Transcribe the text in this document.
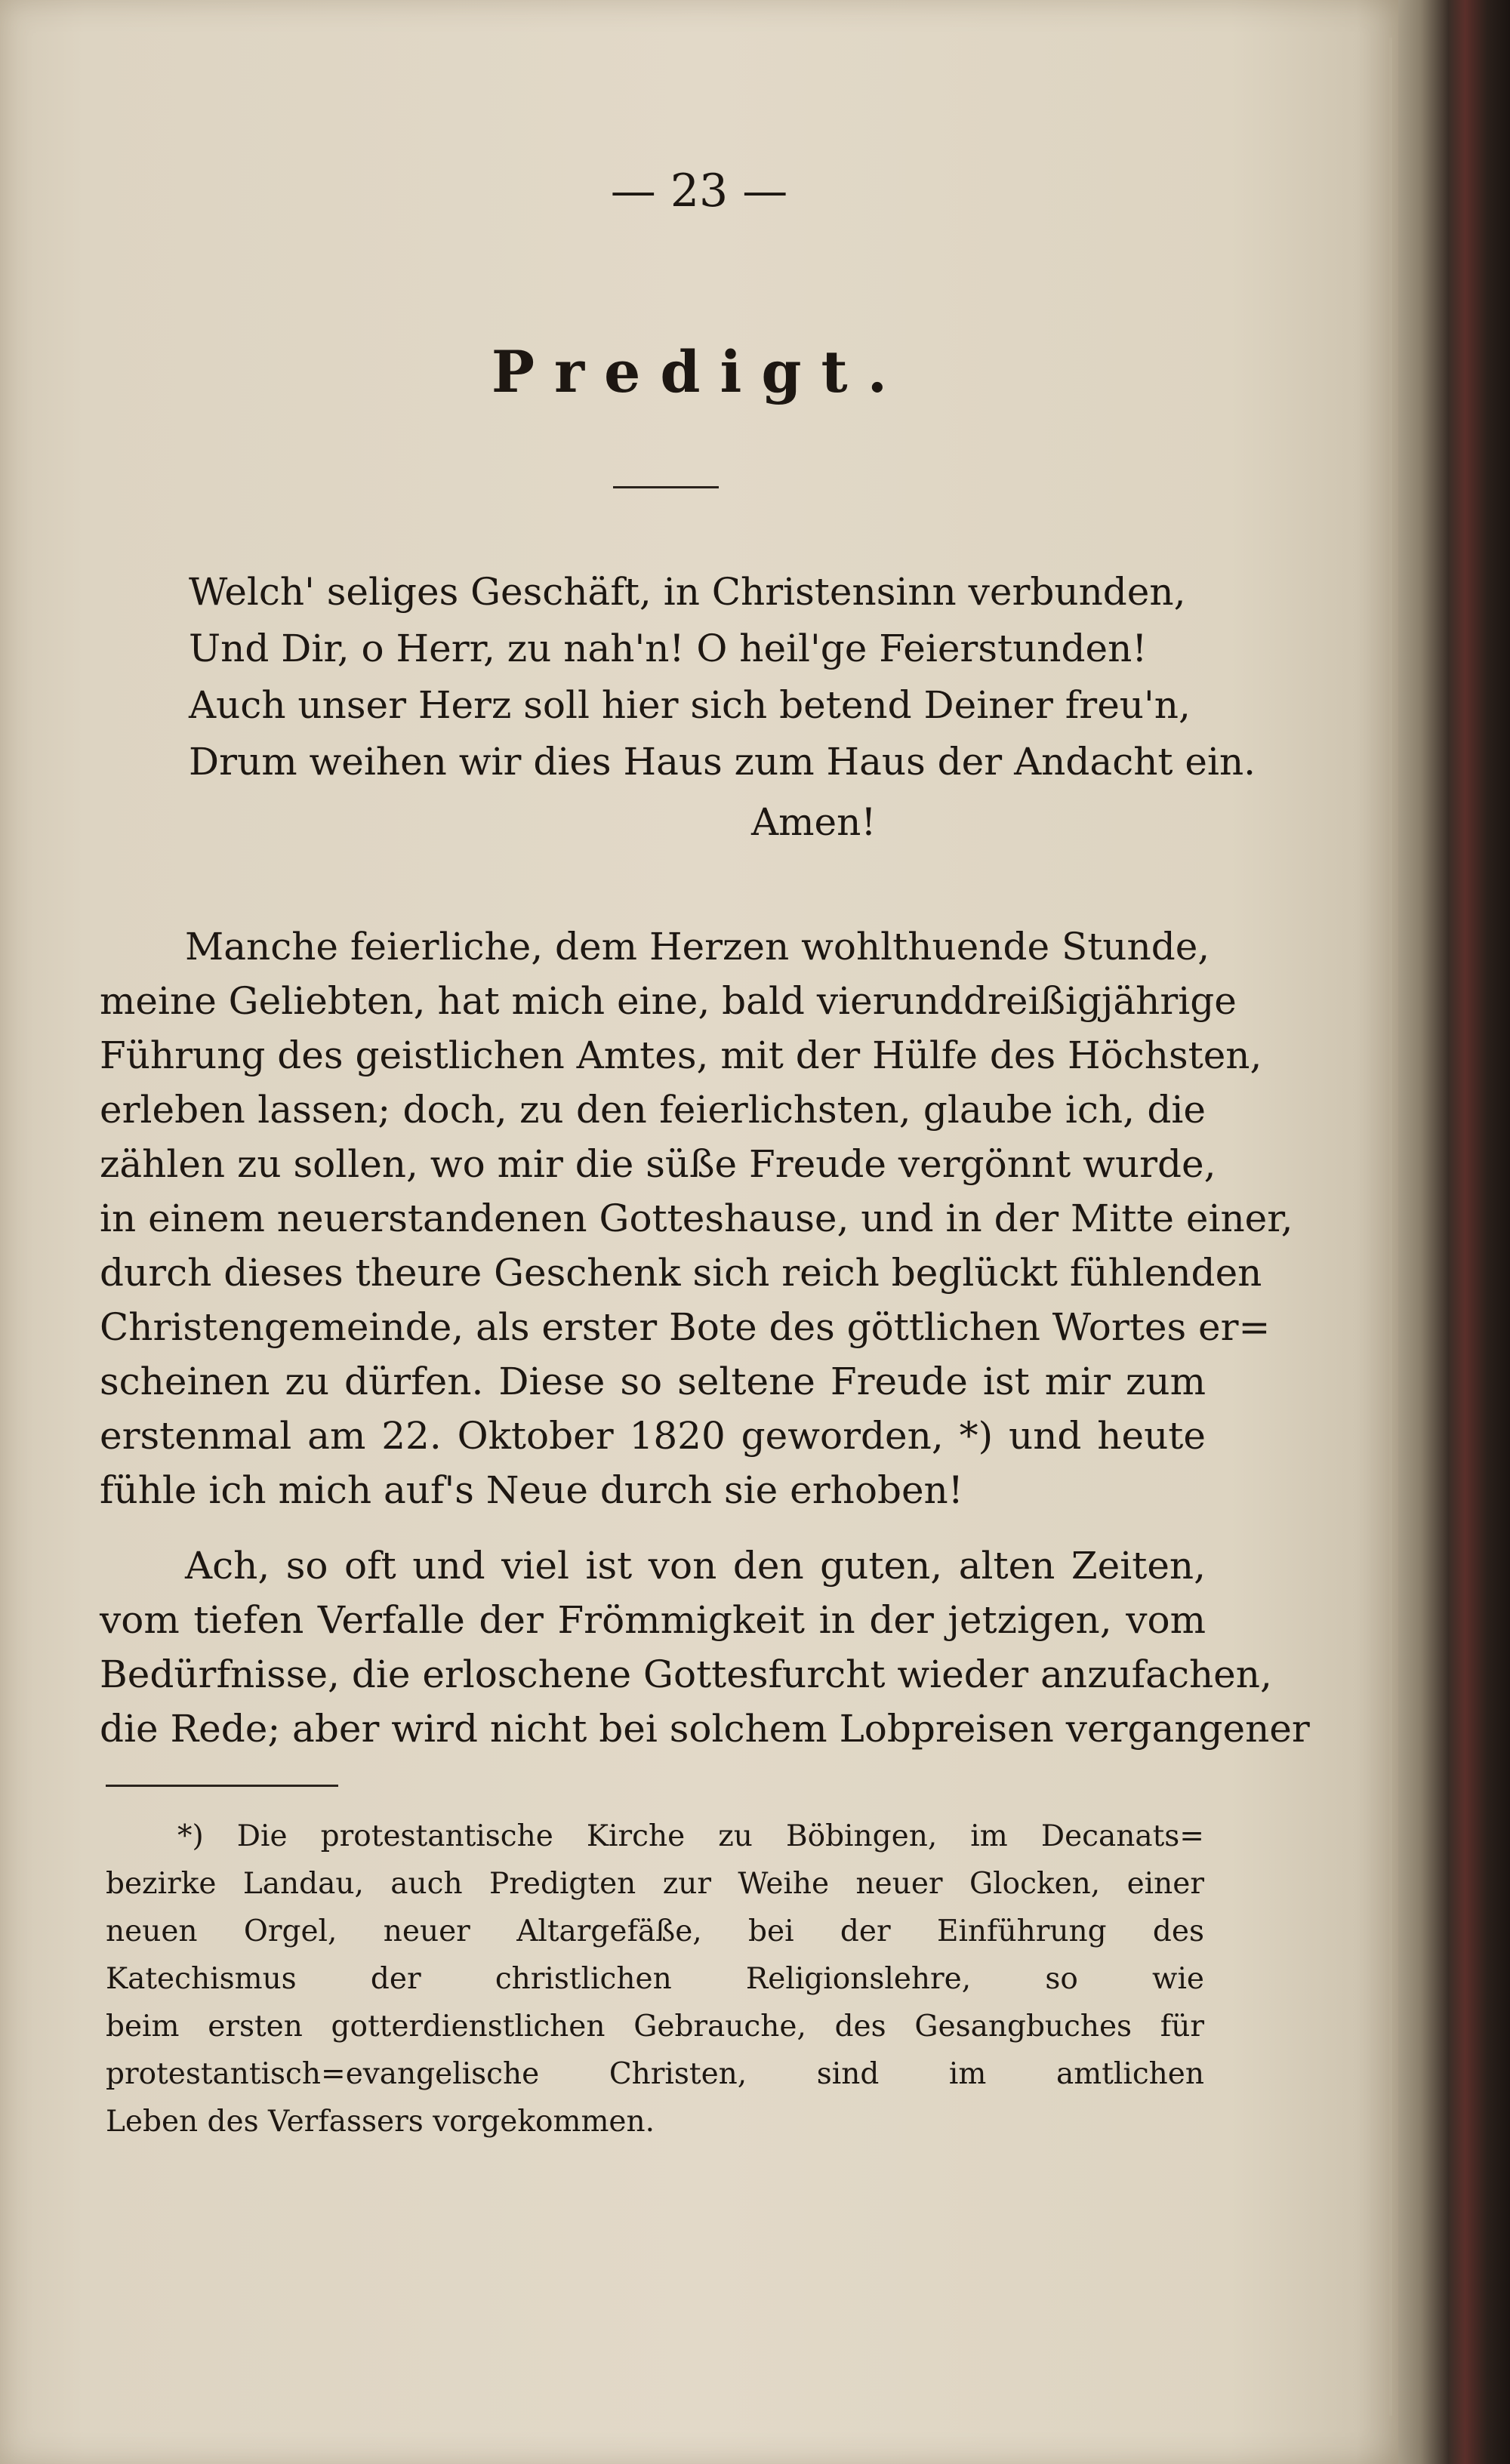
— 23 —
Predigt.
Welch' seliges Geschäft, in Christensinn verbunden,
Und Dir, o Herr, zu nah'n! O heil'ge Feierstunden!
Auch unser Herz soll hier sich betend Deiner freu'n,
Drum weihen wir dies Haus zum Haus der Andacht ein.
Amen!
Manche feierliche, dem Herzen wohlthuende Stunde,
meine Geliebten, hat mich eine, bald vierunddreißigjährige
Führung des geistlichen Amtes, mit der Hülfe des Höchsten,
erleben lassen; doch, zu den feierlichsten, glaube ich, die
zählen zu sollen, wo mir die süße Freude vergönnt wurde,
in einem neuerstandenen Gotteshause, und in der Mitte einer,
durch dieses theure Geschenk sich reich beglückt fühlenden
Christengemeinde, als erster Bote des göttlichen Wortes er=
scheinen zu dürfen. Diese so seltene Freude ist mir zum
erstenmal am 22. Oktober 1820 geworden, *) und heute
fühle ich mich auf's Neue durch sie erhoben!
Ach, so oft und viel ist von den guten, alten Zeiten,
vom tiefen Verfalle der Frömmigkeit in der jetzigen, vom
Bedürfnisse, die erloschene Gottesfurcht wieder anzufachen,
die Rede; aber wird nicht bei solchem Lobpreisen vergangener
*) Die protestantische Kirche zu Böbingen, im Decanats=
bezirke Landau, auch Predigten zur Weihe neuer Glocken, einer
neuen Orgel, neuer Altargefäße, bei der Einführung des
Katechismus der christlichen Religionslehre, so wie
beim ersten gotterdienstlichen Gebrauche, des Gesangbuches für
protestantisch=evangelische Christen, sind im amtlichen
Leben des Verfassers vorgekommen.
